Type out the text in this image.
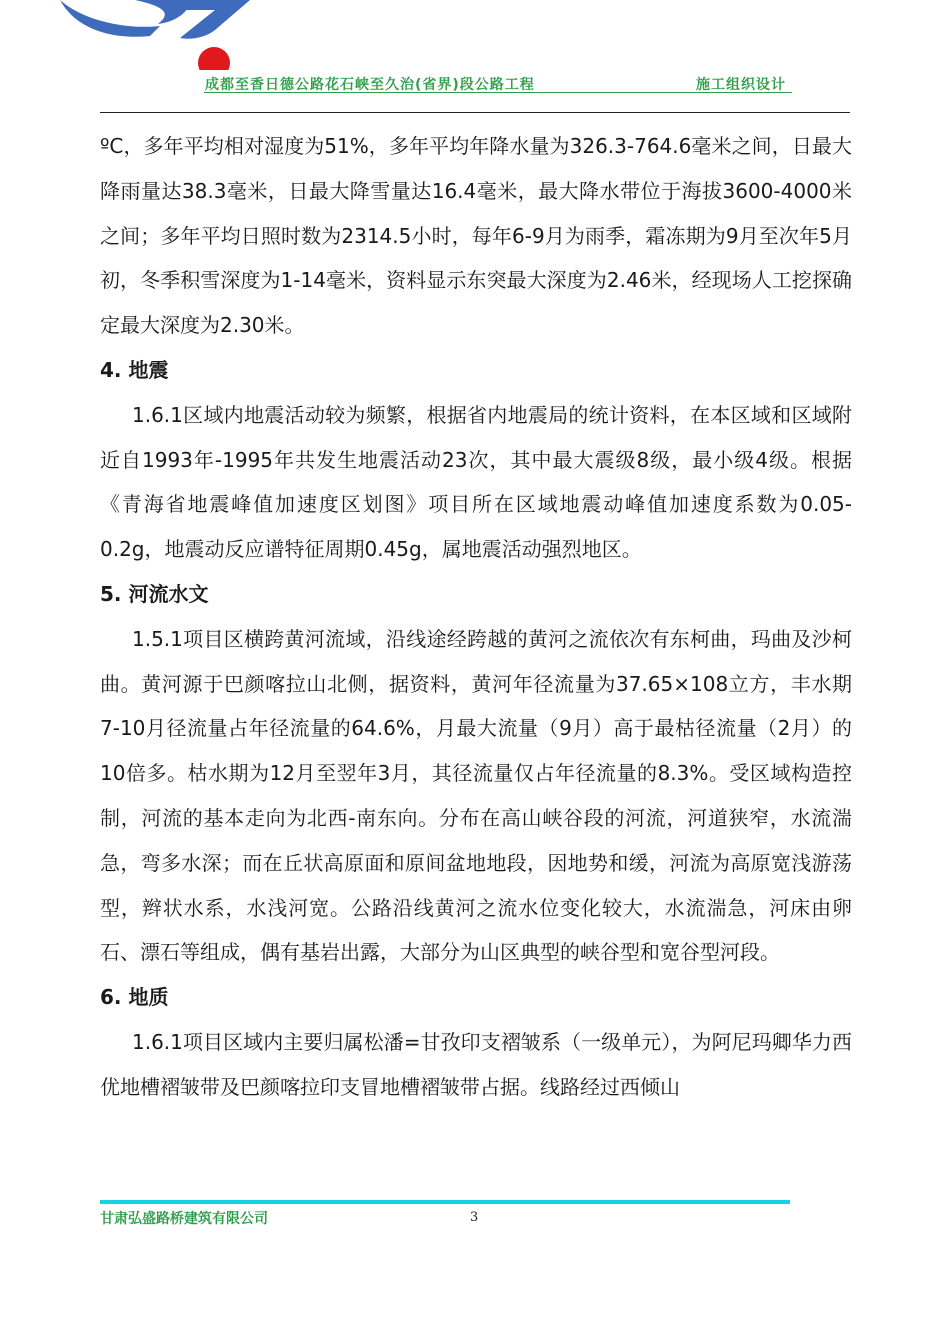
成都至香日德公路花石峡至久治(省界)段公路工程	施工组织设计

ºC，多年平均相对湿度为51%，多年平均年降水量为326.3-764.6毫米之间，日最大降雨量达38.3毫米，日最大降雪量达16.4毫米，最大降水带位于海拔3600-4000米之间；多年平均日照时数为2314.5小时，每年6-9月为雨季，霜冻期为9月至次年5月初，冬季积雪深度为1-14毫米，资料显示东突最大深度为2.46米，经现场人工挖探确定最大深度为2.30米。

4. 地震

1.6.1区域内地震活动较为频繁，根据省内地震局的统计资料，在本区域和区域附近自1993年-1995年共发生地震活动23次，其中最大震级8级，最小级4级。根据《青海省地震峰值加速度区划图》项目所在区域地震动峰值加速度系数为0.05-0.2g，地震动反应谱特征周期0.45g，属地震活动强烈地区。

5. 河流水文

1.5.1项目区横跨黄河流域，沿线途经跨越的黄河之流依次有东柯曲，玛曲及沙柯曲。黄河源于巴颜喀拉山北侧，据资料，黄河年径流量为37.65×108立方，丰水期7-10月径流量占年径流量的64.6%，月最大流量（9月）高于最枯径流量（2月）的10倍多。枯水期为12月至翌年3月，其径流量仅占年径流量的8.3%。受区域构造控制，河流的基本走向为北西-南东向。分布在高山峡谷段的河流，河道狭窄，水流湍急，弯多水深；而在丘状高原面和原间盆地地段，因地势和缓，河流为高原宽浅游荡型，辫状水系，水浅河宽。公路沿线黄河之流水位变化较大，水流湍急，河床由卵石、漂石等组成，偶有基岩出露，大部分为山区典型的峡谷型和宽谷型河段。

6. 地质

1.6.1项目区域内主要归属松潘=甘孜印支褶皱系（一级单元），为阿尼玛卿华力西优地槽褶皱带及巴颜喀拉印支冒地槽褶皱带占据。线路经过西倾山

甘肃弘盛路桥建筑有限公司	3
